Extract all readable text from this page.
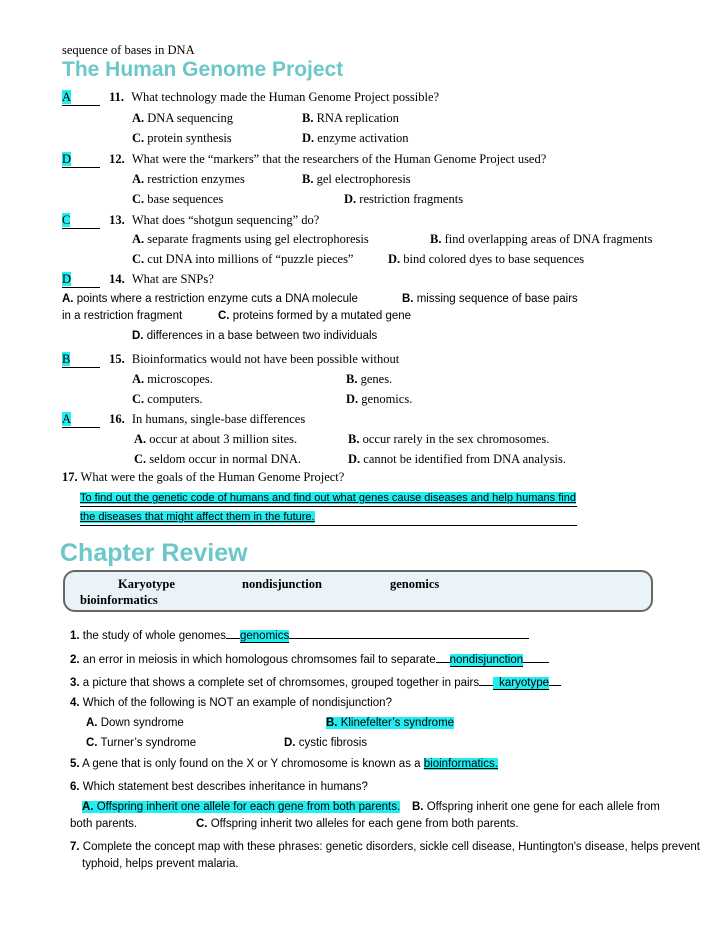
sequence of bases in DNA
The Human Genome Project
A	11. What technology made the Human Genome Project possible?
A. DNA sequencing	B. RNA replication
C. protein synthesis	D. enzyme activation
D	12. What were the “markers” that the researchers of the Human Genome Project used?
A. restriction enzymes	B. gel electrophoresis
C. base sequences	D. restriction fragments
C	13. What does “shotgun sequencing” do?
A. separate fragments using gel electrophoresis	B. find overlapping areas of DNA fragments
C. cut DNA into millions of “puzzle pieces”	D. bind colored dyes to base sequences
D	14. What are SNPs?
A. points where a restriction enzyme cuts a DNA molecule	B. missing sequence of base pairs
in a restriction fragment	C. proteins formed by a mutated gene
D. differences in a base between two individuals
B	15. Bioinformatics would not have been possible without
A. microscopes.	B. genes.
C. computers.	D. genomics.
A	16. In humans, single-base differences
A. occur at about 3 million sites.	B. occur rarely in the sex chromosomes.
C. seldom occur in normal DNA.	D. cannot be identified from DNA analysis.
17. What were the goals of the Human Genome Project?
To find out the genetic code of humans and find out what genes cause diseases and help humans find
the diseases that might affect them in the future.
Chapter Review
Karyotype	nondisjunction	genomics
bioinformatics
1. the study of whole genomes genomics
2. an error in meiosis in which homologous chromsomes fail to separate nondisjunction
3. a picture that shows a complete set of chromsomes, grouped together in pairs karyotype
4. Which of the following is NOT an example of nondisjunction?
A. Down syndrome	B. Klinefelter’s syndrome
C. Turner’s syndrome	D. cystic fibrosis
5. A gene that is only found on the X or Y chromosome is known as a bioinformatics.
6. Which statement best describes inheritance in humans?
A. Offspring inherit one allele for each gene from both parents. B. Offspring inherit one gene for each allele from
both parents.	C. Offspring inherit two alleles for each gene from both parents.
7. Complete the concept map with these phrases: genetic disorders, sickle cell disease, Huntington's disease, helps prevent
typhoid, helps prevent malaria.
